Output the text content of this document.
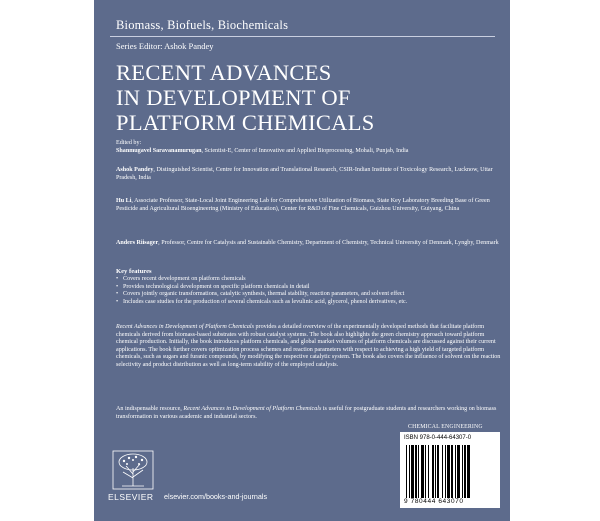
Biomass, Biofuels, Biochemicals
Series Editor: Ashok Pandey
RECENT ADVANCES
IN DEVELOPMENT OF
PLATFORM CHEMICALS
Edited by:
Shanmugavel Saravanamurugan, Scientist-E, Center of Innovative and Applied Bioprocessing, Mohali, Punjab, India
Ashok Pandey, Distinguished Scientist, Centre for Innovation and Translational Research, CSIR-Indian Institute of Toxicology Research, Lucknow, Uttar Pradesh, India
Hu Li, Associate Professor, State-Local Joint Engineering Lab for Comprehensive Utilization of Biomass, State Key Laboratory Breeding Base of Green Pesticide and Agricultural Bioengineering (Ministry of Education), Center for R&D of Fine Chemicals, Guizhou University, Guiyang, China
Anders Riisager, Professor, Centre for Catalysis and Sustainable Chemistry, Department of Chemistry, Technical University of Denmark, Lyngby, Denmark
Key features
• Covers recent development on platform chemicals
• Provides technological development on specific platform chemicals in detail
• Covers jointly organic transformations, catalytic synthesis, thermal stability, reaction parameters, and solvent effect
• Includes case studies for the production of several chemicals such as levulinic acid, glycerol, phenol derivatives, etc.
Recent Advances in Development of Platform Chemicals provides a detailed overview of the experimentally developed methods that facilitate platform chemicals derived from biomass-based substrates with robust catalyst systems. The book also highlights the green chemistry approach toward platform chemical production. Initially, the book introduces platform chemicals, and global market volumes of platform chemicals are discussed against their current applications. The book further covers optimization process schemes and reaction parameters with respect to achieving a high yield of targeted platform chemicals, such as sugars and furanic compounds, by modifying the respective catalytic system. The book also covers the influence of solvent on the reaction selectivity and product distribution as well as long-term stability of the employed catalysts.
An indispensable resource, Recent Advances in Development of Platform Chemicals is useful for postgraduate students and researchers working on biomass transformation in various academic and industrial sectors.
CHEMICAL ENGINEERING
ISBN 978-0-444-64307-0
9 780444 643070
ELSEVIER elsevier.com/books-and-journals
